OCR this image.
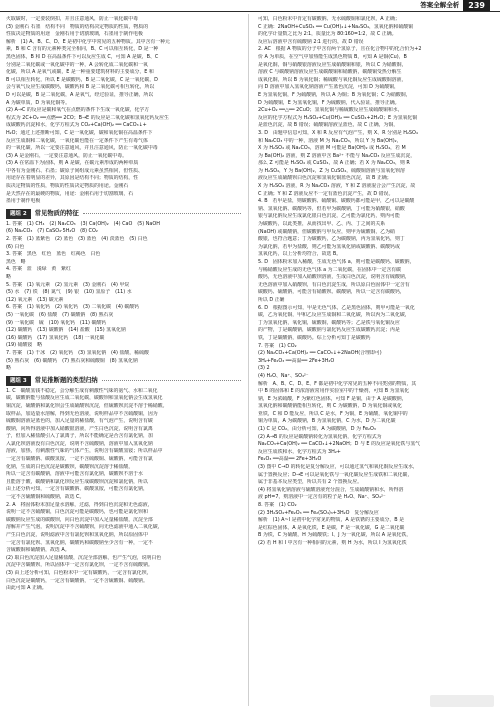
答案全解全析	239
火取碳时，一定要装倒扣，并且注意通风，防止一氧化碳中毒
(3) 金刚石 石墨　结构不同　物质的结构决定物质的性质，物质的
性质决定物质的用途　金刚石用于切割玻璃，石墨用于制作电极
解析　(1) A、B、C、D、E 是初中化学中常见的五种物质。其中含有一种元
素，B 和 C 含有的元素种类完全相同，B、C 可以相互转化，D 是一种
黑色固体，B 和 D 在高温条件下可以反应生成 C，可知 A 是碳，B、C
分别是二氧化碳或一氧化碳中的一种，A 会转化成二氧化碳和一氧
化碳，所以 A 是氧气或碳，E 是一种重要建筑材料的主要成分，E 和
B 可以相互转化，所以 E 是碳酸钙，B 是二氧化碳，C 是一氧化碳，D
会与氧气反应生成碳酸钙，碳酸钙和 B 是二氧化碳可相互转化，所以
D 可以是碳，B 是二氧化碳，A 是氧气，经过验证，推导正确，所以
A 为碳单质，D 为氧化铜等。
(2) A→C 的反应是碳和氧气在点燃的条件下生成一氧化碳，化学方
程式为 2C+O₂ ══点燃══ 2CO；B→E 的反应是二氧化碳和氢氧化钙反应生
成碳酸钙沉淀和水，化学方程式为 CO₂+Ca(OH)₂ ══ CaCO₃↓+
H₂O；通过上述推断可知，C 是一氧化碳，碳和氧化铜在高温条件下
反应生成铜和二氧化碳，一氧化碳也能在一定条件下产生有毒气体
的一氧化碳，所以一定要注意通风，并且注意通风，防止一氧化碳中毒
(3) A 是金刚石，一定要注意通风，防止一氧化碳中毒。
(3) A 在常温下为固体，则 A 是碳，在碳元素形成的两种单质
中各有为金刚石、石墨；碳原子间组成元素虽然相同，但性质、
用途存在着明显的差异，其原因是结构不同；物质的结构，性
质决定物质的性质，物质的性质决定物质的用途。金刚石
是天然存在的最硬的物质，用途：金刚石用于切割玻璃，石
墨用于制作电极
题组 2	常见物质的特征
1. 答案　(1) CH₄　(2) Na₂CO₃　(3) Ca(OH)₂　(4) CaO　(5) NaOH
(6) Na₂CO₃　(7) CaSO₄·5H₂O　(8) CO₂
2. 答案　(1) 蓝紫色　(2) 蓝色　(3) 蓝色　(4) 淡蓝色　(5) 白色
(6) 白色
3. 答案　黑色　红色　蓝色　红褐色　白色
黑色　略
4. 答案　蓝　浅绿　黄　紫红
略
5. 答案　(1) 氧元素　(2) 氢元素　(3) 金刚石　(4) 甲烷
(5) 水　(7) 铁　(8) 氮气　(9) 银　(10) 氢原子　(11) 水
(12) 氧元素　(13) 碳元素
6. 答案　(1) 氧化钙　(2) 氧化钙　(3) 二氧化碳　(4) 碳酸钙
(5) 一氧化碳　(6) 盐酸　(7) 碳酸钠　(8) 熟石灰
(9) 一氧化碳　硫　(10) 氧化钙　(11) 碳酸钙
(12) 碳酸钙　(13) 碳酸钠　(14) 盐酸　(15) 氢氧化钠
(16) 碳酸钙　(17) 氢氧化钙　(18) 一氧化碳
(19) 硝酸铵　略
7. 答案　(1) 干冰　(2) 氧化钙　(3) 氢氧化钠　(4) 盐酸，稀硫酸
(5) 熟石灰　(6) 碳酸钙　(7) 熟石灰和硫酸铜　(8) 氢氧化钠
略
题组 3	常见推断题的类型归纳
1. C　碳酸氢钱不稳定，会分解生成有刺激性气味的氨气、水和二氧化
碳，碳酸钠能与盐酸反应生成二氧化碳，碳酸钡和氢氧化钠会生成氢氧化
铜沉淀，硫酸钠和氯化钡会生成硫酸钡沉淀，但硫酸钡沉淀不溶于稀硝酸。
取样品，加适量水溶解，得到无色溶液，说明样品中不含硫酸铜，因为
硫酸铜溶液是蓝色的，加入足量的稀盐酸，有气泡产生，说明含有碳
酸钠，向所得溶液中加入硝酸银溶液，产生白色沉淀，说明含有氯离
子，但加入稀盐酸引入了氯离子，所以不能确定是否含有氯化钠，加
入氯化钡溶液没有白色沉淀，说明不含硫酸钠，溶液中加入氢氧化钠
溶液，加热，有刺激性气味的气体产生，说明含有碳酸氢铵；所以样品中
一定含有碳酸钠、碳酸氢铵，一定不含硫酸铜、硫酸钠，可能含有氯
化钠，生成的白色沉淀是碳酸钡，碳酸钡沉淀溶于稀盐酸，
所以一定含有碳酸钠，溶液中可能含有氯化钠，碳酸钡不溶于水
且能溶于酸，碳酸钠和氯化钡反应生成碳酸钡沉淀和氯化钠，所以
由上述分析可知，一定含有碳酸钠、碳酸氢铵，可能含有氯化钠，
一定不含硫酸铜和硫酸钠，故选 C。
2. A　将固体粉末加足量水溶解，过滤，得到白色沉淀和无色滤液，
说明一定不含硫酸铜，白色沉淀可能是碳酸钙，也可能是氯化钡和
碳酸钠反应生成的碳酸钡，向白色沉淀中加入足量稀盐酸，沉淀全部
溶解并产生气泡，说明沉淀中不含硫酸钡，向无色滤液中通入二氧化碳，
产生白色沉淀，说明滤液中含有氯化钡和氢氧化钠，所以原固体中
一定含有氯化钡、氢氧化钠，碳酸钙和碳酸钠至少含有一种，一定不
含硫酸铜和硫酸钠，故选 A。
(2) 取白色沉淀加入足量稀盐酸，沉淀全部溶解，也产生气泡，说明白色
沉淀中含碳酸钡，所以固体中一定含有氯化钡，一定不含有硫酸钠。
(3) 由上述分析可知，白色粉末中一定有碳酸钙，一定含有氯化钡，
白色沉淀是碳酸钙，一定含有碳酸钠，一定不含硫酸铜、硫酸钠。
由此可知 A 正确。
可知，白色粉末中肯定有碳酸钠、无水硫酸铜和氯化钡，A 正确；
C 正确：2NaOH+CuSO₄ ══ Cu(OH)₂↓+Na₂SO₄，氢氧化钠和硫酸铜
的化学计量数之比为 2∶1，质量比为 80∶160=1∶2，故 C 正确。
反应后溶液中含有硫酸钠 2∶1 进行的，故 D 错误
2. AC　根据 A 物质的分子中含有两个氢原子，且在化合物中的化合价为+2
价 A 为单质，在空气中加热能生成黑色物质 B，可知 A 是铜(Cu)，B
是氧化铜，铜与硝酸银溶液反应生成硝酸铜和银，所以 C 为硝酸铜，
溶液 C 与碳酸钠溶液反应生成碳酸铜和硝酸钠，碳酸铜受热分解生
成氧化铜，所以 B 为氧化铜；稀硫酸与氧化铜反应生成硫酸铜溶液，
向 D 溶液中加入氢氧化钠溶液产生蓝色沉淀，可知 D 为硫酸铜，
E 为氢氧化铜，F 为硫酸钠，所以 A 为铜；B 为氧化铜；C 为硝酸铜，
D 为硫酸铜，E 为氢氧化铜，F 为硫酸钠，代入验证，推导正确。
2Cu+O₂ ══△══ 2CuO；氢氧化铜与稀硫酸反应生成硫酸铜和水，
反应的化学方程式为 H₂SO₄+Cu(OH)₂ ══ CuSO₄+2H₂O；E 为氢氧化铜
是蓝色沉淀，故 B 错误；硫酸铜溶液呈蓝色，故 C 正确，为铜，
3. D　由题中信息可知，X 和 R 反应有气泡产生，则 X、R 分别是 H₂SO₄
和 Na₂CO₃ 中的一种，溶液 M 为 Na₂CO₃，所以 Y 为 Ba(OH)₂，
X 为 H₂SO₄ 或 Na₂CO₃，溶液 M 可能是 Ba(OH)₂ 或 H₂SO₄，若 M
为 Ba(OH)₂ 溶液，则 Z 溶液中含 Ba²⁺ 不能与 Na₂CO₃ 反应生成沉淀，
那么 Z 可能是 H₂SO₄ 或 CuSO₄，故 A 正确；若 X 为 Na₂CO₃，则 R
为 H₂SO₄，Y 为 Ba(OH)₂，Z 为 CuSO₄，硫酸铜溶液与氢氧化钡溶
液反应生成硫酸钡白色沉淀和氢氧化铜蓝色沉淀，故 B 正确；
X 为 H₂SO₄ 溶液，R 为 Na₂CO₃ 溶液，Y 和 Z 溶液混合会产生沉淀，故
C 正确；Y 和 Z 溶液反应不一定有蓝色沉淀产生，故 D 错误。
4. B　若甲是盐，则碳酸钠、硫酸铜、碳酸钙都可能是甲，乙可以是碳酸
钠、氢氧化钠、碳酸钙等，但若甲为碳酸钠，丁可能为硝酸银，硝酸
银与氯化钠反应生成氯化银白色沉淀，乙可能为氯化钙，则丙可能
为碳酸钙，以此类推，从而找出甲、乙、丙、丁之间的关系
(NaOH) 或碳酸钠，但碳酸钠与甲反应，则甲为硫酸铜，乙为硝
酸银，也符合题意；丁为碳酸钙，乙为碳酸钠，丙为氢氧化钙，则丁
为氯化钠，若甲为盐酸，则乙可能为氢氧化钠或碳酸钠、碳酸钙或
氢氧化钙，以上分析均符合，故选 B。
5. D　固体粉末加入稀酸，生成无色气体 a，则可能是碳酸钙、碳酸钠，
与稀硝酸反应生成的无色气体 a 为二氧化碳，在固体中一定含有碳
酸钙，无色溶液中加入硝酸钡溶液，生成白色沉淀，说明含有硫酸钠，
无色溶液中加入硝酸钡，有白色沉淀生成，所以原白色固体中一定含有
碳酸钙、硫酸钠，可能含有硝酸钡、碳酸钠，所以一定含有碳酸钙，
所以 D 正确
6. D　根据图示可知，甲是无色气体，乙是黑色固体，则甲可能是一氧化
碳，乙为氧化铜，甲和乙反应生成铜和二氧化碳，所以丙为二氧化碳，
丁为氢氧化钠，氧化铜，硫酸铜，碳酸钙等；乙是铁与氧化铜反应
的产物，丁是碳酸钠，碳酸钠与氯化钙反应生成碳酸钙沉淀；丙是
铁，丁是碳酸钠，碳酸钙。综上分析可知丁是碳酸钙
7. 答案　(1) CO₂
(2) Na₂CO₃+Ca(OH)₂ ══ CaCO₃↓+2NaOH(合理即可)
3H₂+Fe₂O₃ ══高温══ 2Fe+3H₂O
(3) 2
(4) H₂O、Na⁺、SO₄²⁻
解析　A、B、C、D、E、F 都是初中化学常见的五种不同类别的物质，其
中 B 的固体和 E 的浓溶液常用作实验室中的干燥剂，可知 B 为氢氧化
钠，E 为浓硫酸，F 为紫红色固体，可知 F 是铜，由于 A 是碳酸钠，
氢氧化钠和碳酸钠能相互转化，则 C 为碳酸钠，D 为氧化铜或氧化
亚铁，C 和 D 能反应，所以 C 是水，F 为铜，E 为硫酸，氧化铜中的
铜为单质，A 为碳酸钠，B 为氢氧化钠，C 为水，D 为二氧化碳
(1) C 是 CO₂，由分析可知，A 为碳酸钠，D 为 Fe₂O₃
(2) A→B 的反应是碳酸钠转化为氢氧化钠，化学方程式为
Na₂CO₃+Ca(OH)₂ ══ CaCO₃↓+2NaOH；D 与 E 的反应是氧化铁与氢气
反应生成铁和水，化学方程式为 3H₂+
Fe₂O₃ ══高温══ 2Fe+3H₂O
(3) 图中 C→D 的转化是复分解反应，可以通过氢气和氧化铜反应生成水，
属于置换反应；D→E 可以是氧化铁与一氧化碳反应生成铁和二氧化碳，
属于非基本反应类型，所以共有 2 个置换反应。
(4) 将氢氧化钠溶液与硫酸溶液充分混合，生成硫酸钠和水，所得溶
液 pH=7，则溶液中一定含有的粒子是 H₂O、Na⁺、SO₄²⁻
8. 答案　(1) CO₂
(2) 3H₂SO₄+Fe₂O₃ ══ Fe₂(SO₄)₃+3H₂O　复分解反应
解析　(1) A~I 是初中化学常见的物质，A 是铁锈的主要成分，B 是
是红棕色固体，A 是氧化铁，E 是碳，F 是一氧化碳，G 是二氧化碳
B 为铁，C 为硫酸，H 为硫酸铁；I、J 为一氧化碳，所以 A 是氧化铁，
(2) 若 H 和 I 中含有一种相同的元素，则 H 为水，所以 I 为氢氧化铁
